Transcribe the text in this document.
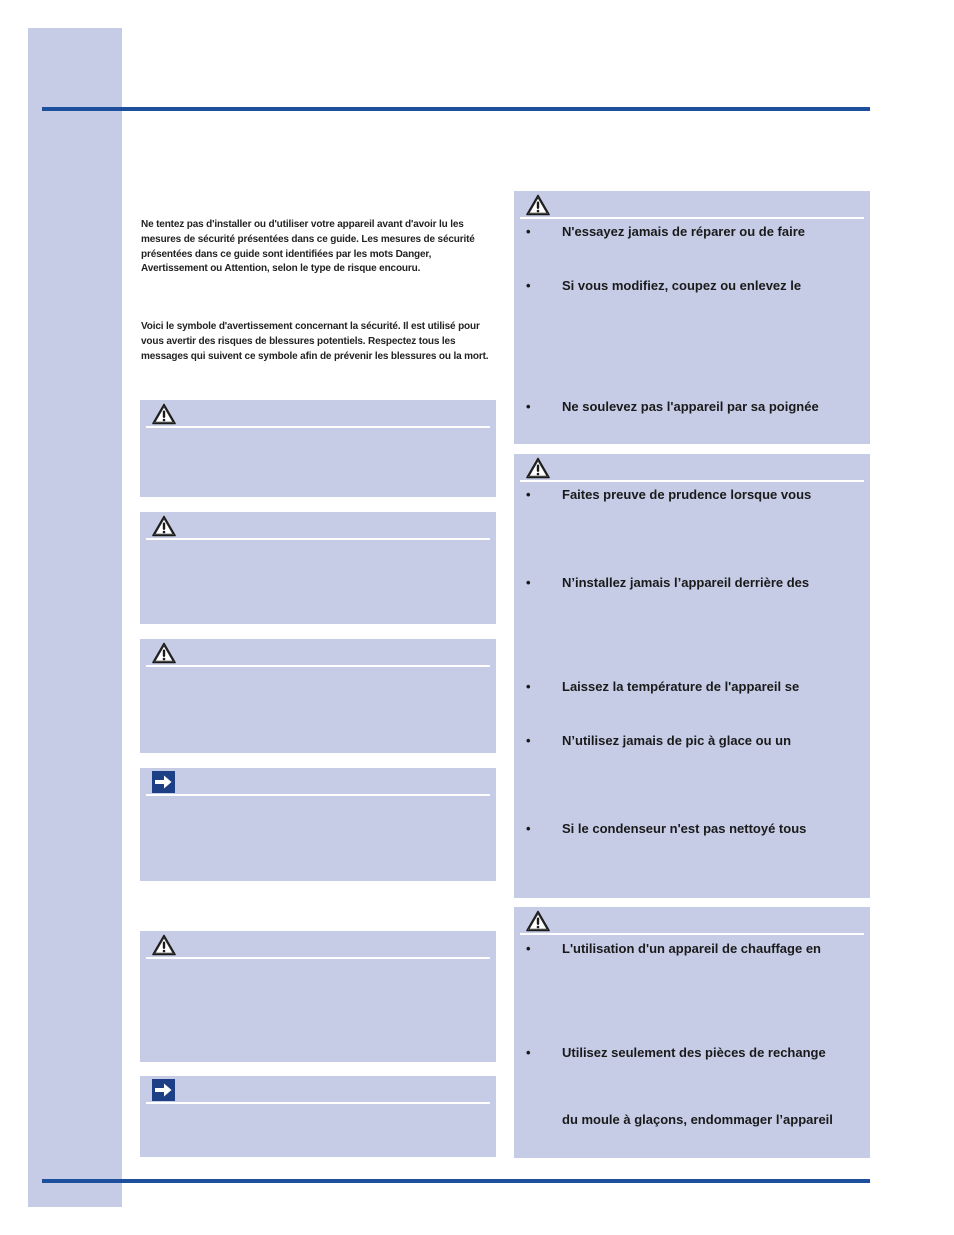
Ne tentez pas d'installer ou d'utiliser votre appareil avant d'avoir lu les mesures de sécurité présentées dans ce guide. Les mesures de sécurité présentées dans ce guide sont identifiées par les mots Danger, Avertissement ou Attention, selon le type de risque encouru.

Voici le symbole d'avertissement concernant la sécurité. Il est utilisé pour vous avertir des risques de blessures potentiels. Respectez tous les messages qui suivent ce symbole afin de prévenir les blessures ou la mort.

• N'essayez jamais de réparer ou de faire
• Si vous modifiez, coupez ou enlevez le
• Ne soulevez pas l'appareil par sa poignée
• Faites preuve de prudence lorsque vous
• N’installez jamais l’appareil derrière des
• Laissez la température de l'appareil se
• N’utilisez jamais de pic à glace ou un
• Si le condenseur n'est pas nettoyé tous
• L'utilisation d'un appareil de chauffage en
• Utilisez seulement des pièces de rechange
du moule à glaçons, endommager l’appareil
